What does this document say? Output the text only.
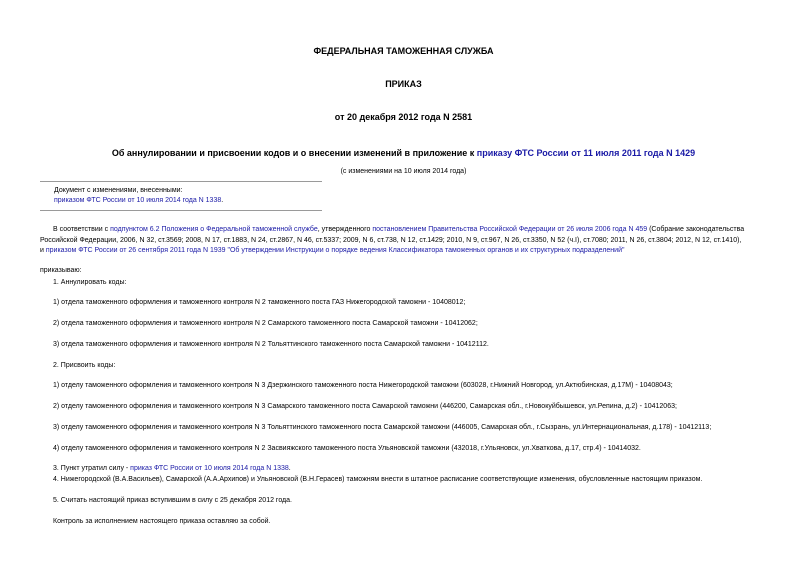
ФЕДЕРАЛЬНАЯ ТАМОЖЕННАЯ СЛУЖБА
ПРИКАЗ
от 20 декабря 2012 года N 2581
Об аннулировании и присвоении кодов и о внесении изменений в приложение к приказу ФТС России от 11 июля 2011 года N 1429
(с изменениями на 10 июля 2014 года)
Документ с изменениями, внесенными:
приказом ФТС России от 10 июля 2014 года N 1338.
В соответствии с подпунктом 6.2 Положения о Федеральной таможенной службе, утвержденного постановлением Правительства Российской Федерации от 26 июля 2006 года N 459 (Собрание законодательства
Российской Федерации, 2006, N 32, ст.3569; 2008, N 17, ст.1883, N 24, ст.2867, N 46, ст.5337; 2009, N 6, ст.738, N 12, ст.1429; 2010, N 9, ст.967, N 26, ст.3350, N 52 (ч.I), ст.7080; 2011, N 26, ст.3804; 2012, N 12, ст.1410),
и приказом ФТС России от 26 сентября 2011 года N 1939 "Об утверждении Инструкции о порядке ведения Классификатора таможенных органов и их структурных подразделений"
приказываю:
1. Аннулировать коды:
1) отдела таможенного оформления и таможенного контроля N 2 таможенного поста ГАЗ Нижегородской таможни - 10408012;
2) отдела таможенного оформления и таможенного контроля N 2 Самарского таможенного поста Самарской таможни - 10412062;
3) отдела таможенного оформления и таможенного контроля N 2 Тольяттинского таможенного поста Самарской таможни - 10412112.
2. Присвоить коды:
1) отделу таможенного оформления и таможенного контроля N 3 Дзержинского таможенного поста Нижегородской таможни (603028, г.Нижний Новгород, ул.Актюбинская, д.17М) - 10408043;
2) отделу таможенного оформления и таможенного контроля N 3 Самарского таможенного поста Самарской таможни (446200, Самарская обл., г.Новокуйбышевск, ул.Репина, д.2) - 10412063;
3) отделу таможенного оформления и таможенного контроля N 3 Тольяттинского таможенного поста Самарской таможни (446005, Самарская обл., г.Сызрань, ул.Интернациональная, д.178) - 10412113;
4) отделу таможенного оформления и таможенного контроля N 2 Засвияжского таможенного поста Ульяновской таможни (432018, г.Ульяновск, ул.Хваткова, д.17, стр.4) - 10414032.
3. Пункт утратил силу - приказ ФТС России от 10 июля 2014 года N 1338.
4. Нижегородской (В.А.Васильев), Самарской (А.А.Архипов) и Ульяновской (В.Н.Герасев) таможням внести в штатное расписание соответствующие изменения, обусловленные настоящим приказом.
5. Считать настоящий приказ вступившим в силу с 25 декабря 2012 года.
Контроль за исполнением настоящего приказа оставляю за собой.
